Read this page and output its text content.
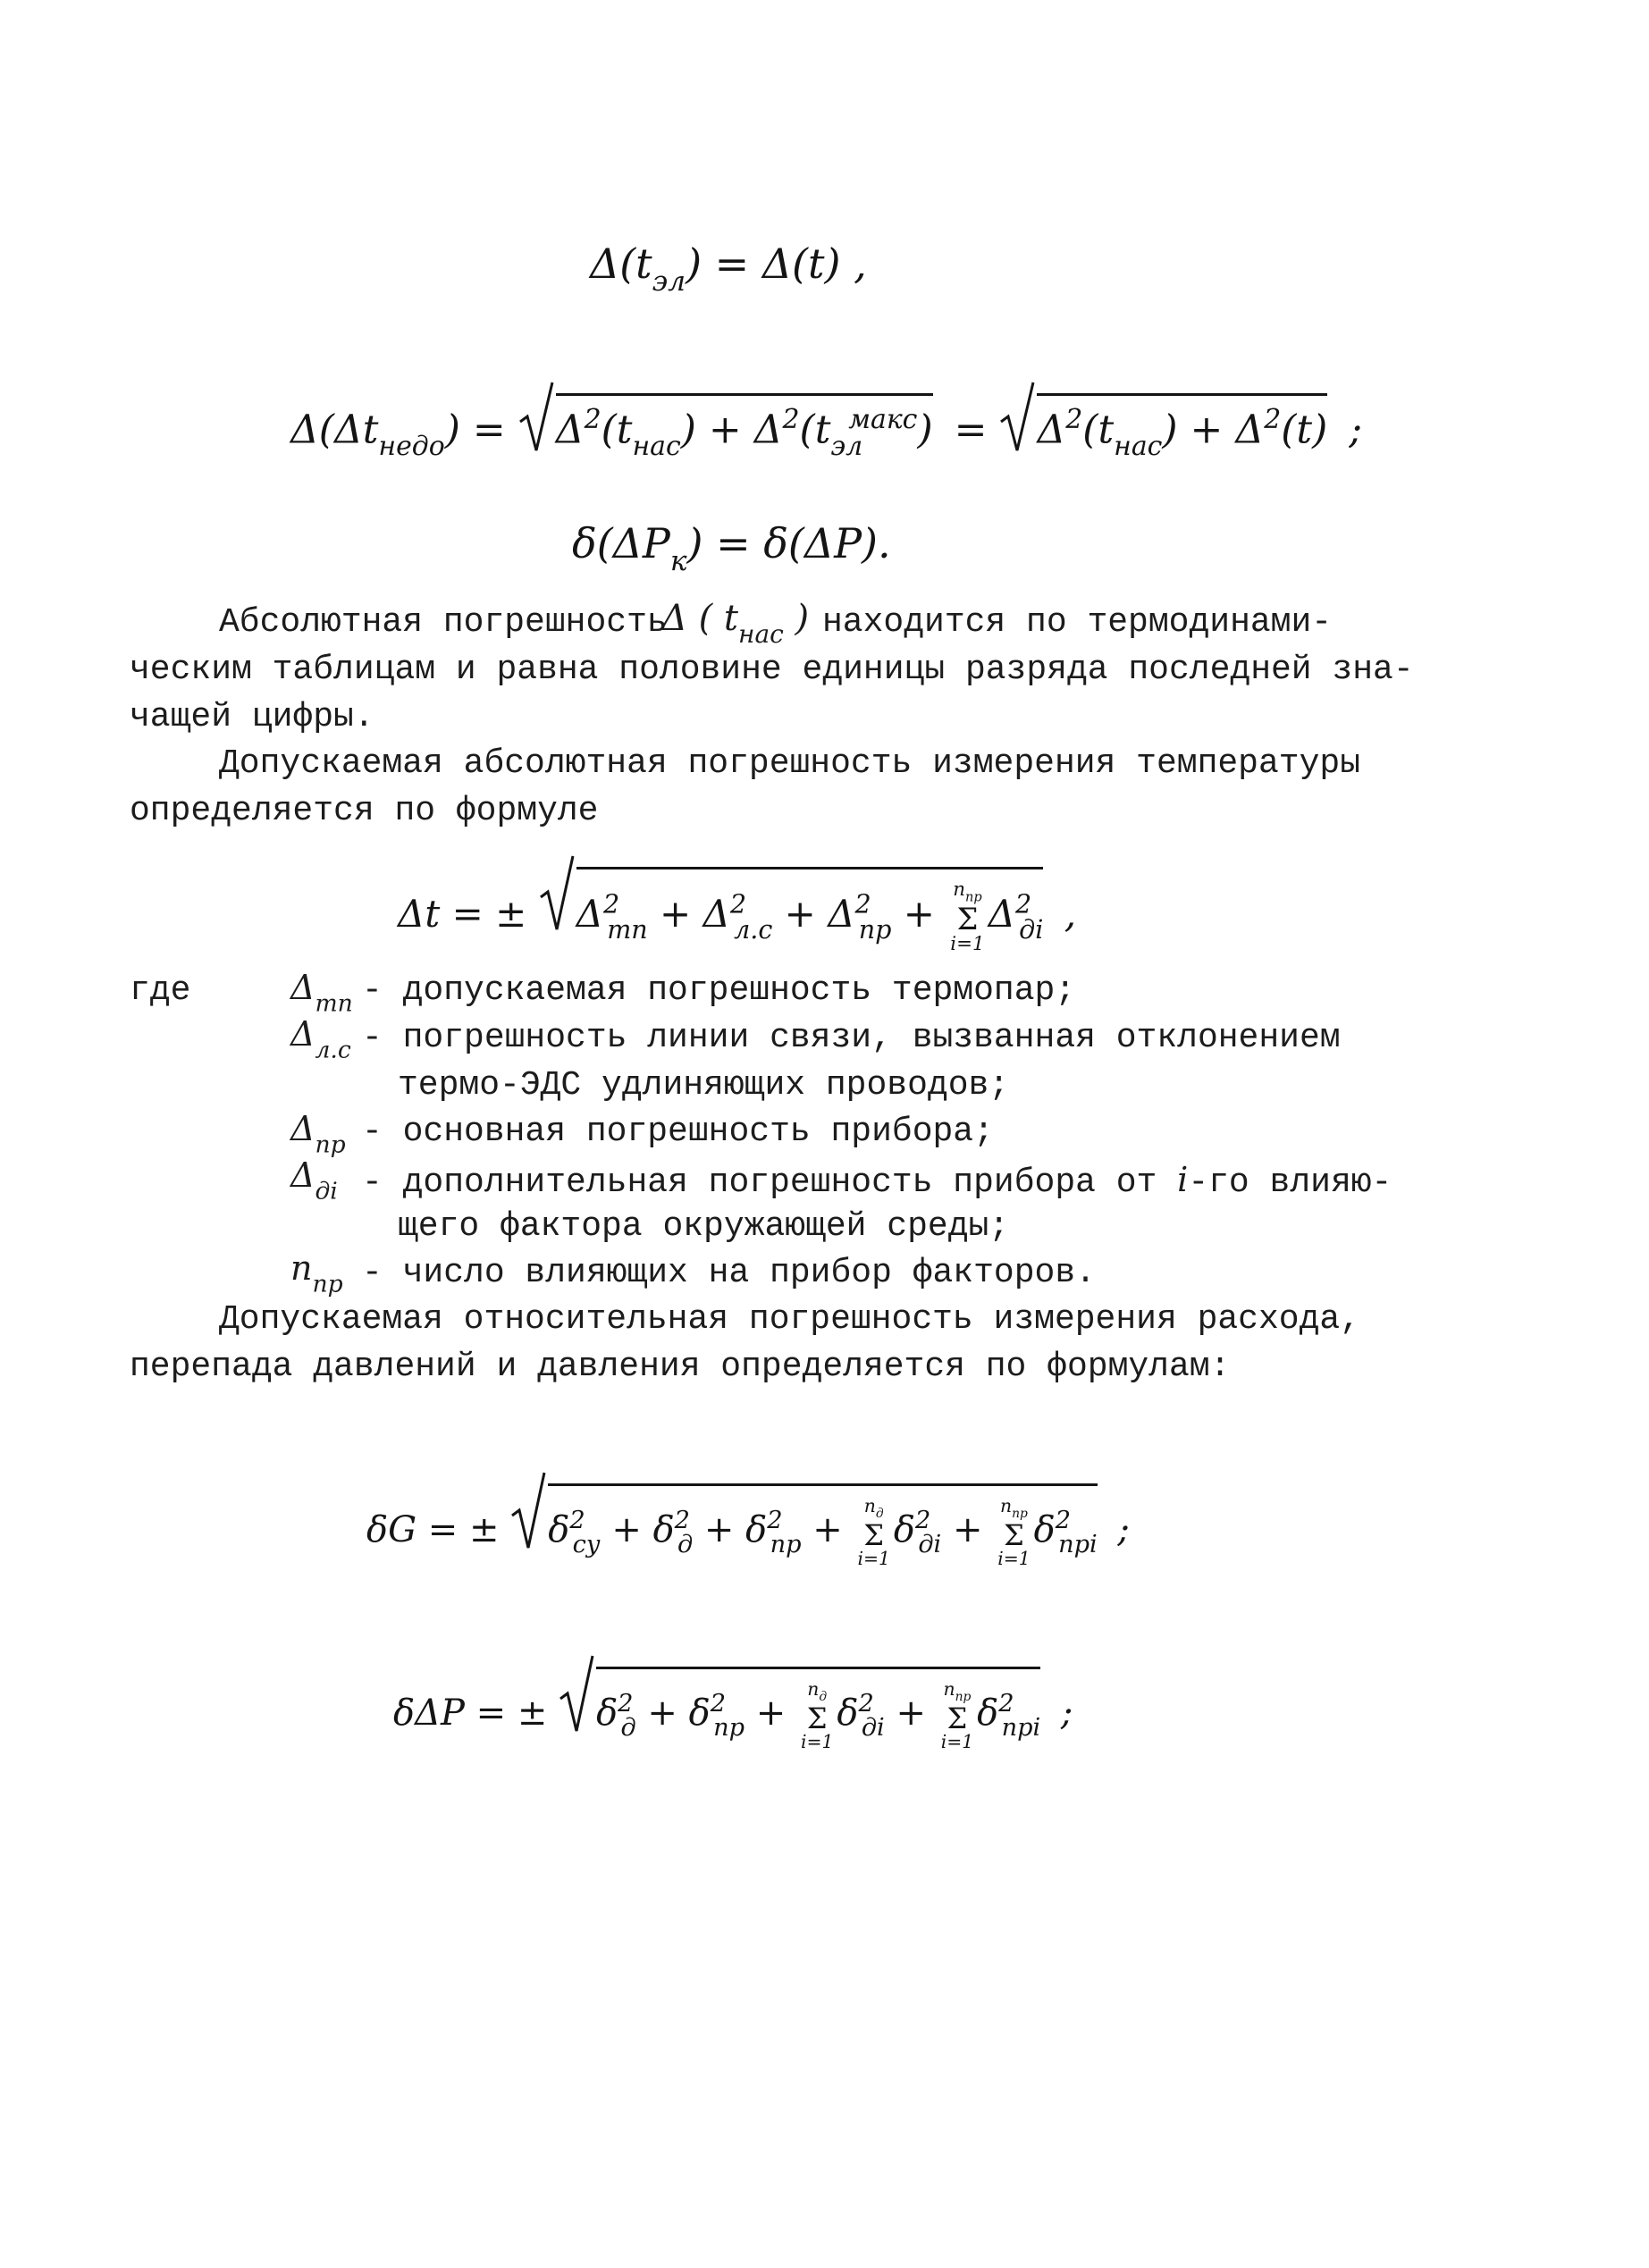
$\Delta(t_{эл}) = \Delta(t)$ ,
$\Delta(\Delta t_{недо})$ =
$\Delta^2(t_{нас}) + \Delta^2(t_{эл}^{макс})$ =
$\Delta^2(t_{нас}) + \Delta^2(t)$ ;
$\delta(\Delta P_к) = \delta(\Delta P)$.
Абсолютная погрешность
Δ ( $t_{нас}$ ) находится по термодинами-
ческим таблицам и равна половине единицы разряда последней зна-
чащей цифры.
Допускаемая абсолютная погрешность измерения температуры
определяется по формуле
Δt = ±
$\Delta^2_{тп} + \Delta^2_{л.с} + \Delta^2_{пр}$ +
$n_{пр}$
Σ
i=1
$\Delta^2_{дi}$ ,
где	$\Delta_{тп}$ - допускаемая погрешность термопар;
$\Delta_{л.с}$ - погрешность линии связи, вызванная отклонением
термо-ЭДС удлиняющих проводов;
$\Delta_{пр}$ - основная погрешность прибора;
$\Delta_{дi}$ - дополнительная погрешность прибора от i-го влияю-
щего фактора окружающей среды;
$n_{пр}$ - число влияющих на прибор факторов.
Допускаемая относительная погрешность измерения расхода,
перепада давлений и давления определяется по формулам:
δG = ±
$\delta^2_{су} + \delta^2_д + \delta^2_{пр}$ +
$n_д$
Σ
i=1
$\delta^2_{дi}$ +
$n_{пр}$
Σ
i=1
$\delta^2_{прi}$ ;
δΔP = ±
$\delta^2_д + \delta^2_{пр}$ +
$n_д$
Σ
i=1
$\delta^2_{дi}$ +
$n_{пр}$
Σ
i=1
$\delta^2_{прi}$ ;
